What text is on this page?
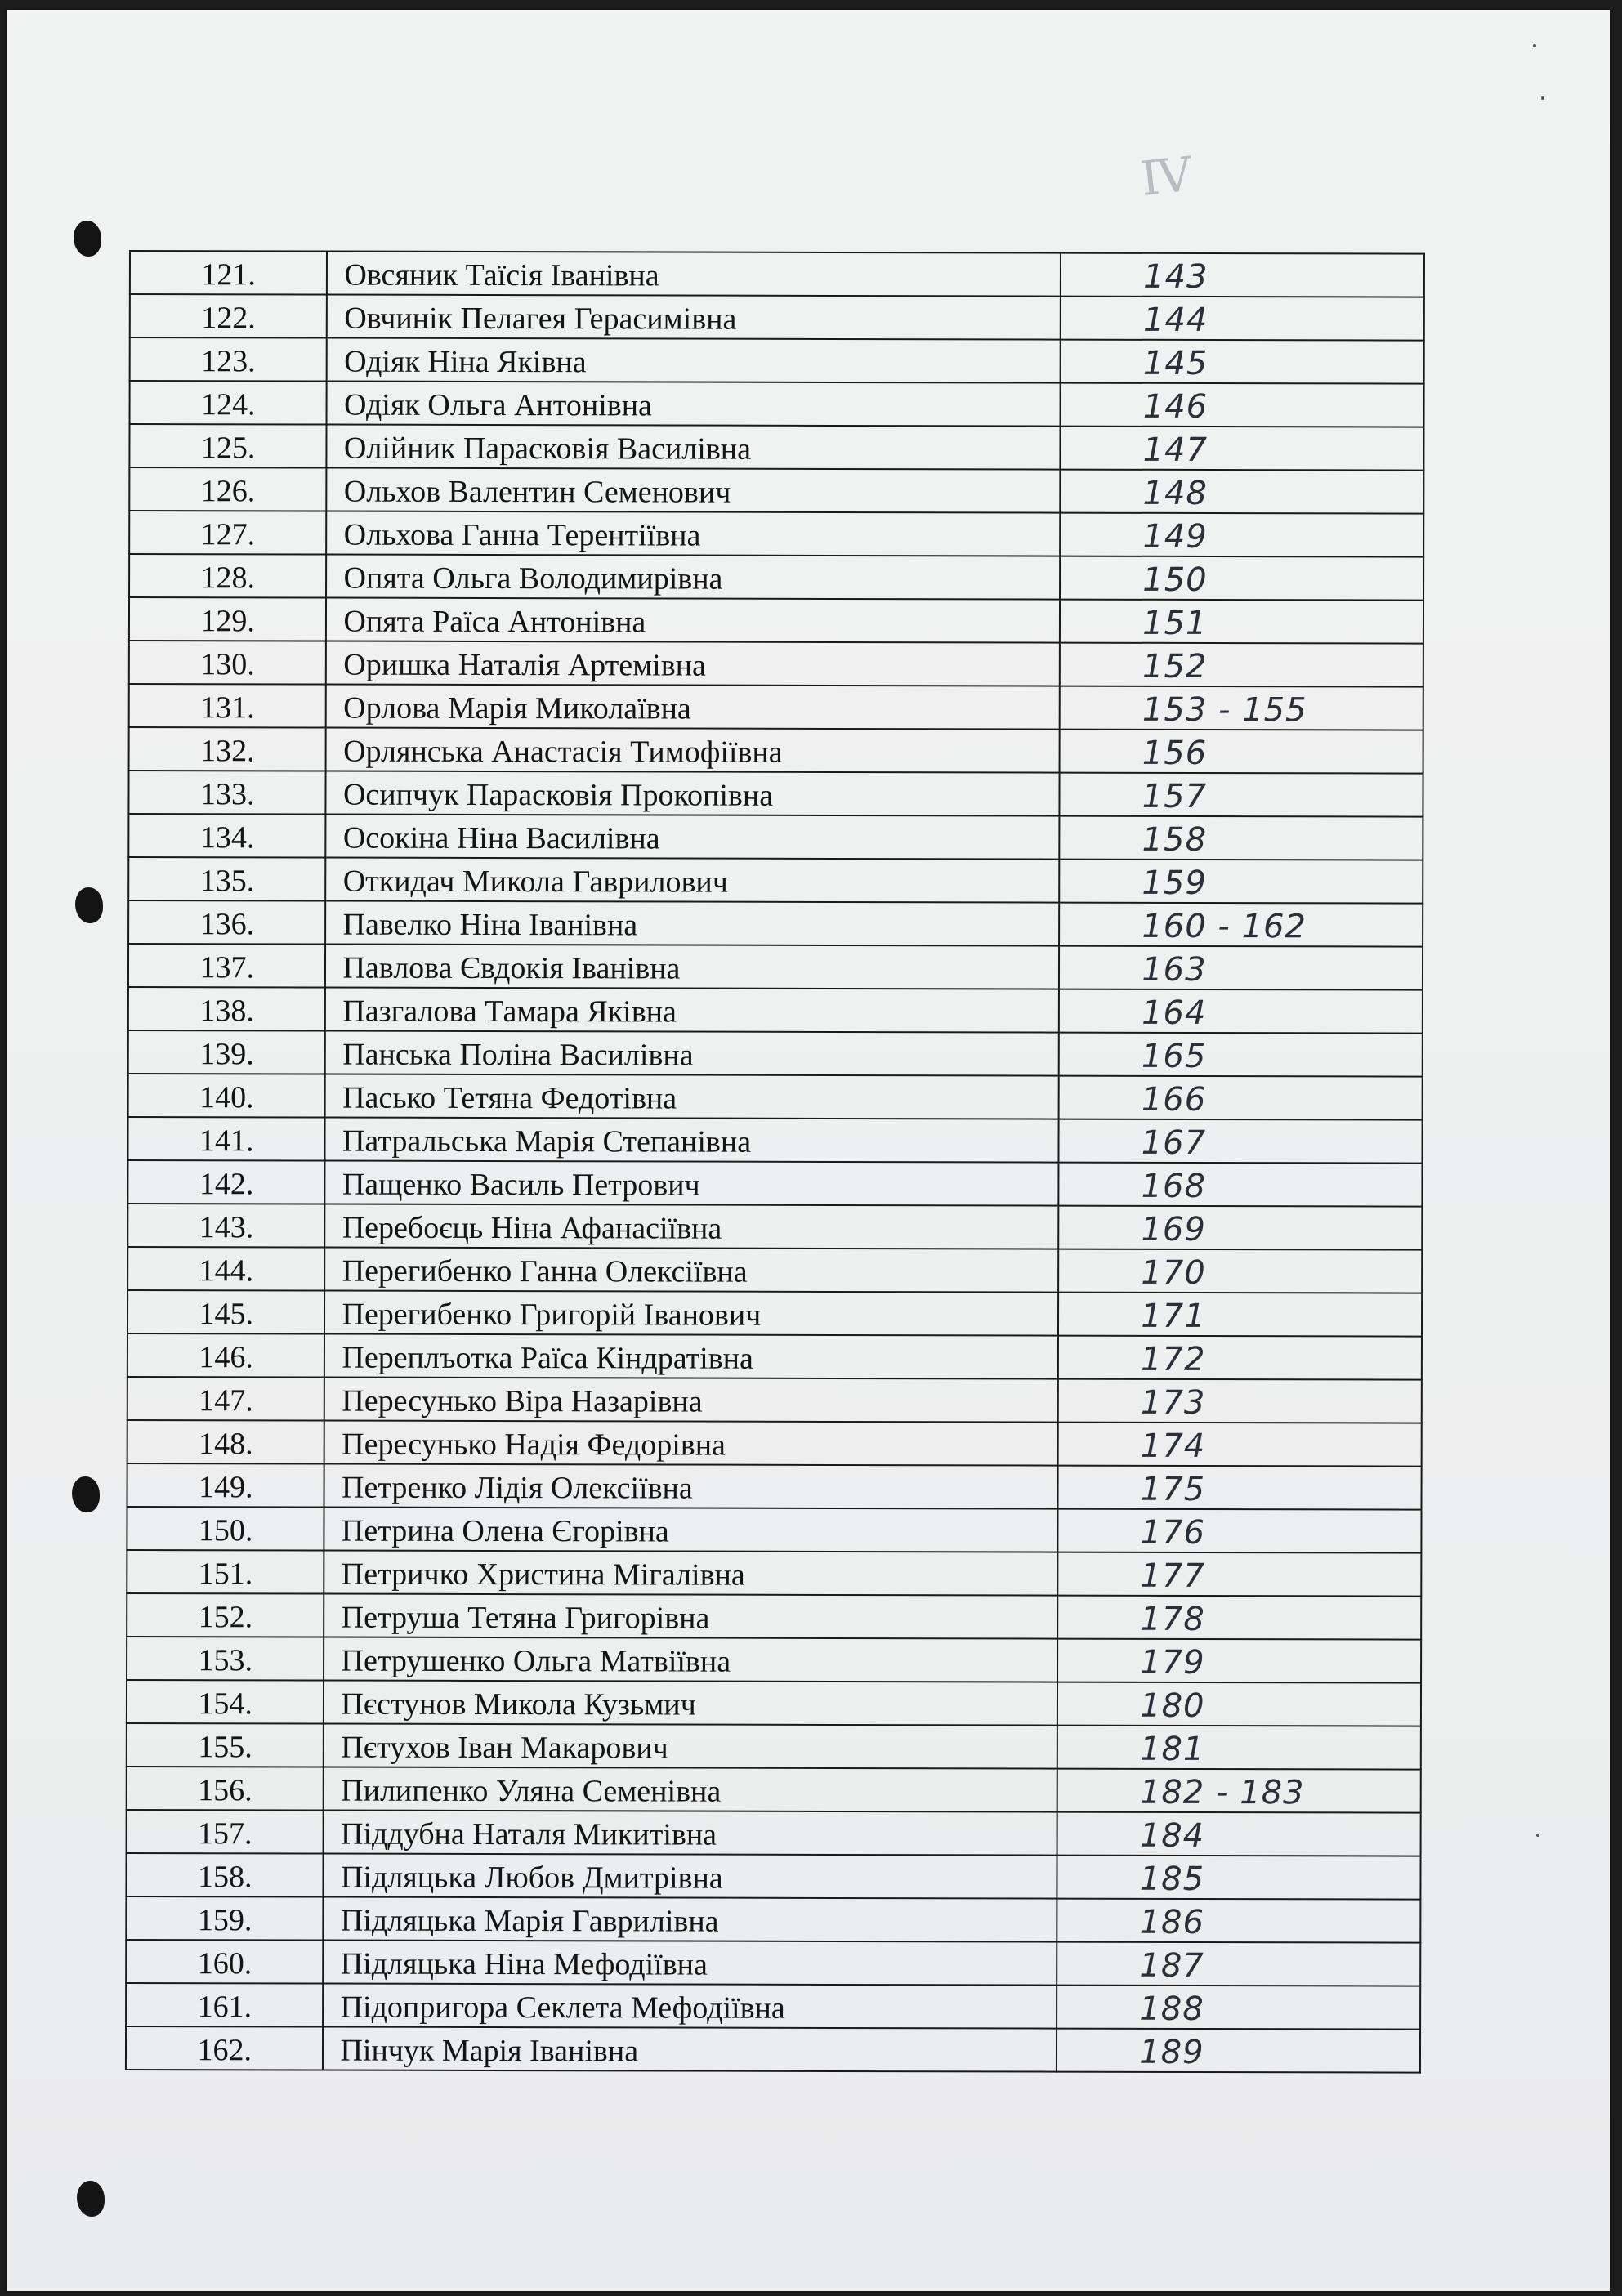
IV
121.	Овсяник Таїсія Іванівна	143
122.	Овчинік Пелагея Герасимівна	144
123.	Одіяк Ніна Яківна	145
124.	Одіяк Ольга Антонівна	146
125.	Олійник Парасковія Василівна	147
126.	Ольхов Валентин Семенович	148
127.	Ольхова Ганна Терентіївна	149
128.	Опята Ольга Володимирівна	150
129.	Опята Раїса Антонівна	151
130.	Оришка Наталія Артемівна	152
131.	Орлова Марія Миколаївна	153 - 155
132.	Орлянська Анастасія Тимофіївна	156
133.	Осипчук Парасковія Прокопівна	157
134.	Осокіна Ніна Василівна	158
135.	Откидач Микола Гаврилович	159
136.	Павелко Ніна Іванівна	160 - 162
137.	Павлова Євдокія Іванівна	163
138.	Пазгалова Тамара Яківна	164
139.	Панська Поліна Василівна	165
140.	Пасько Тетяна Федотівна	166
141.	Патральська Марія Степанівна	167
142.	Пащенко Василь Петрович	168
143.	Перебоєць Ніна Афанасіївна	169
144.	Перегибенко Ганна Олексіївна	170
145.	Перегибенко Григорій Іванович	171
146.	Переплъотка Раїса Кіндратівна	172
147.	Пересунько Віра Назарівна	173
148.	Пересунько Надія Федорівна	174
149.	Петренко Лідія Олексіївна	175
150.	Петрина Олена Єгорівна	176
151.	Петричко Христина Мігалівна	177
152.	Петруша Тетяна Григорівна	178
153.	Петрушенко Ольга Матвіївна	179
154.	Пєстунов Микола Кузьмич	180
155.	Пєтухов Іван Макарович	181
156.	Пилипенко Уляна Семенівна	182 - 183
157.	Піддубна Наталя Микитівна	184
158.	Підляцька Любов Дмитрівна	185
159.	Підляцька Марія Гаврилівна	186
160.	Підляцька Ніна Мефодіївна	187
161.	Підопригора Секлета Мефодіївна	188
162.	Пінчук Марія Іванівна	189
